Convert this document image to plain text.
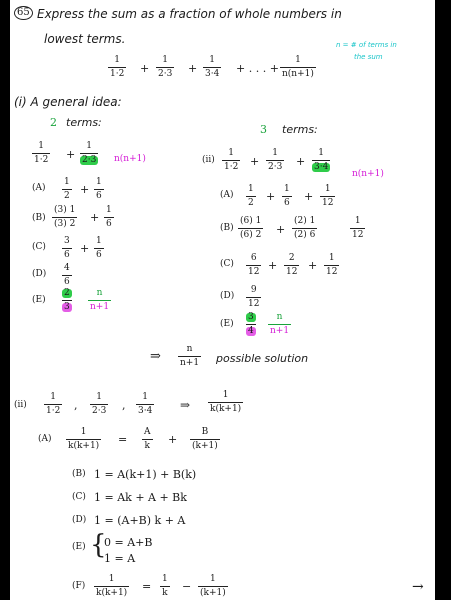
65 Express the sum as a fraction of whole numbers in
lowest terms.
1
1·2 +
1
2·3 +
1
3·4 + . . . +
1
n(n+1)
n = # of terms in
the sum
(i) A general idea:
2 terms:
1
1·2 +
1
2·3 n(n+1)
(A)
1
2 +
1
6
(B)
(3) 1
(3) 2 +
1
6
(C)
3
6 +
1
6
(D)
4
6
(E)
2
3
n
n+1
3 terms:
(ii)
1
1·2 +
1
2·3 +
1
3·4
n(n+1)
(A)
1
2 +
1
6 +
1
12
(B)
(6) 1
(6) 2 +
(2) 1
(2) 6
1
12
(C)
6
12 +
2
12 +
1
12
(D)
9
12
(E)
3
4
n
n+1
⇒	n
n+1 possible solution
(ii)
1
1·2 ,
1
2·3 ,
1
3·4 ⇒
1
k(k+1)
(A)
1
k(k+1) =
A
k +
B
(k+1)
(B) 1 = A(k+1) + B(k)
(C) 1 = Ak + A + Bk
(D) 1 = (A+B) k + A
(E) {
0 = A+B
1 = A
(F)
1
k(k+1) =
1
k −
1
(k+1)	→
